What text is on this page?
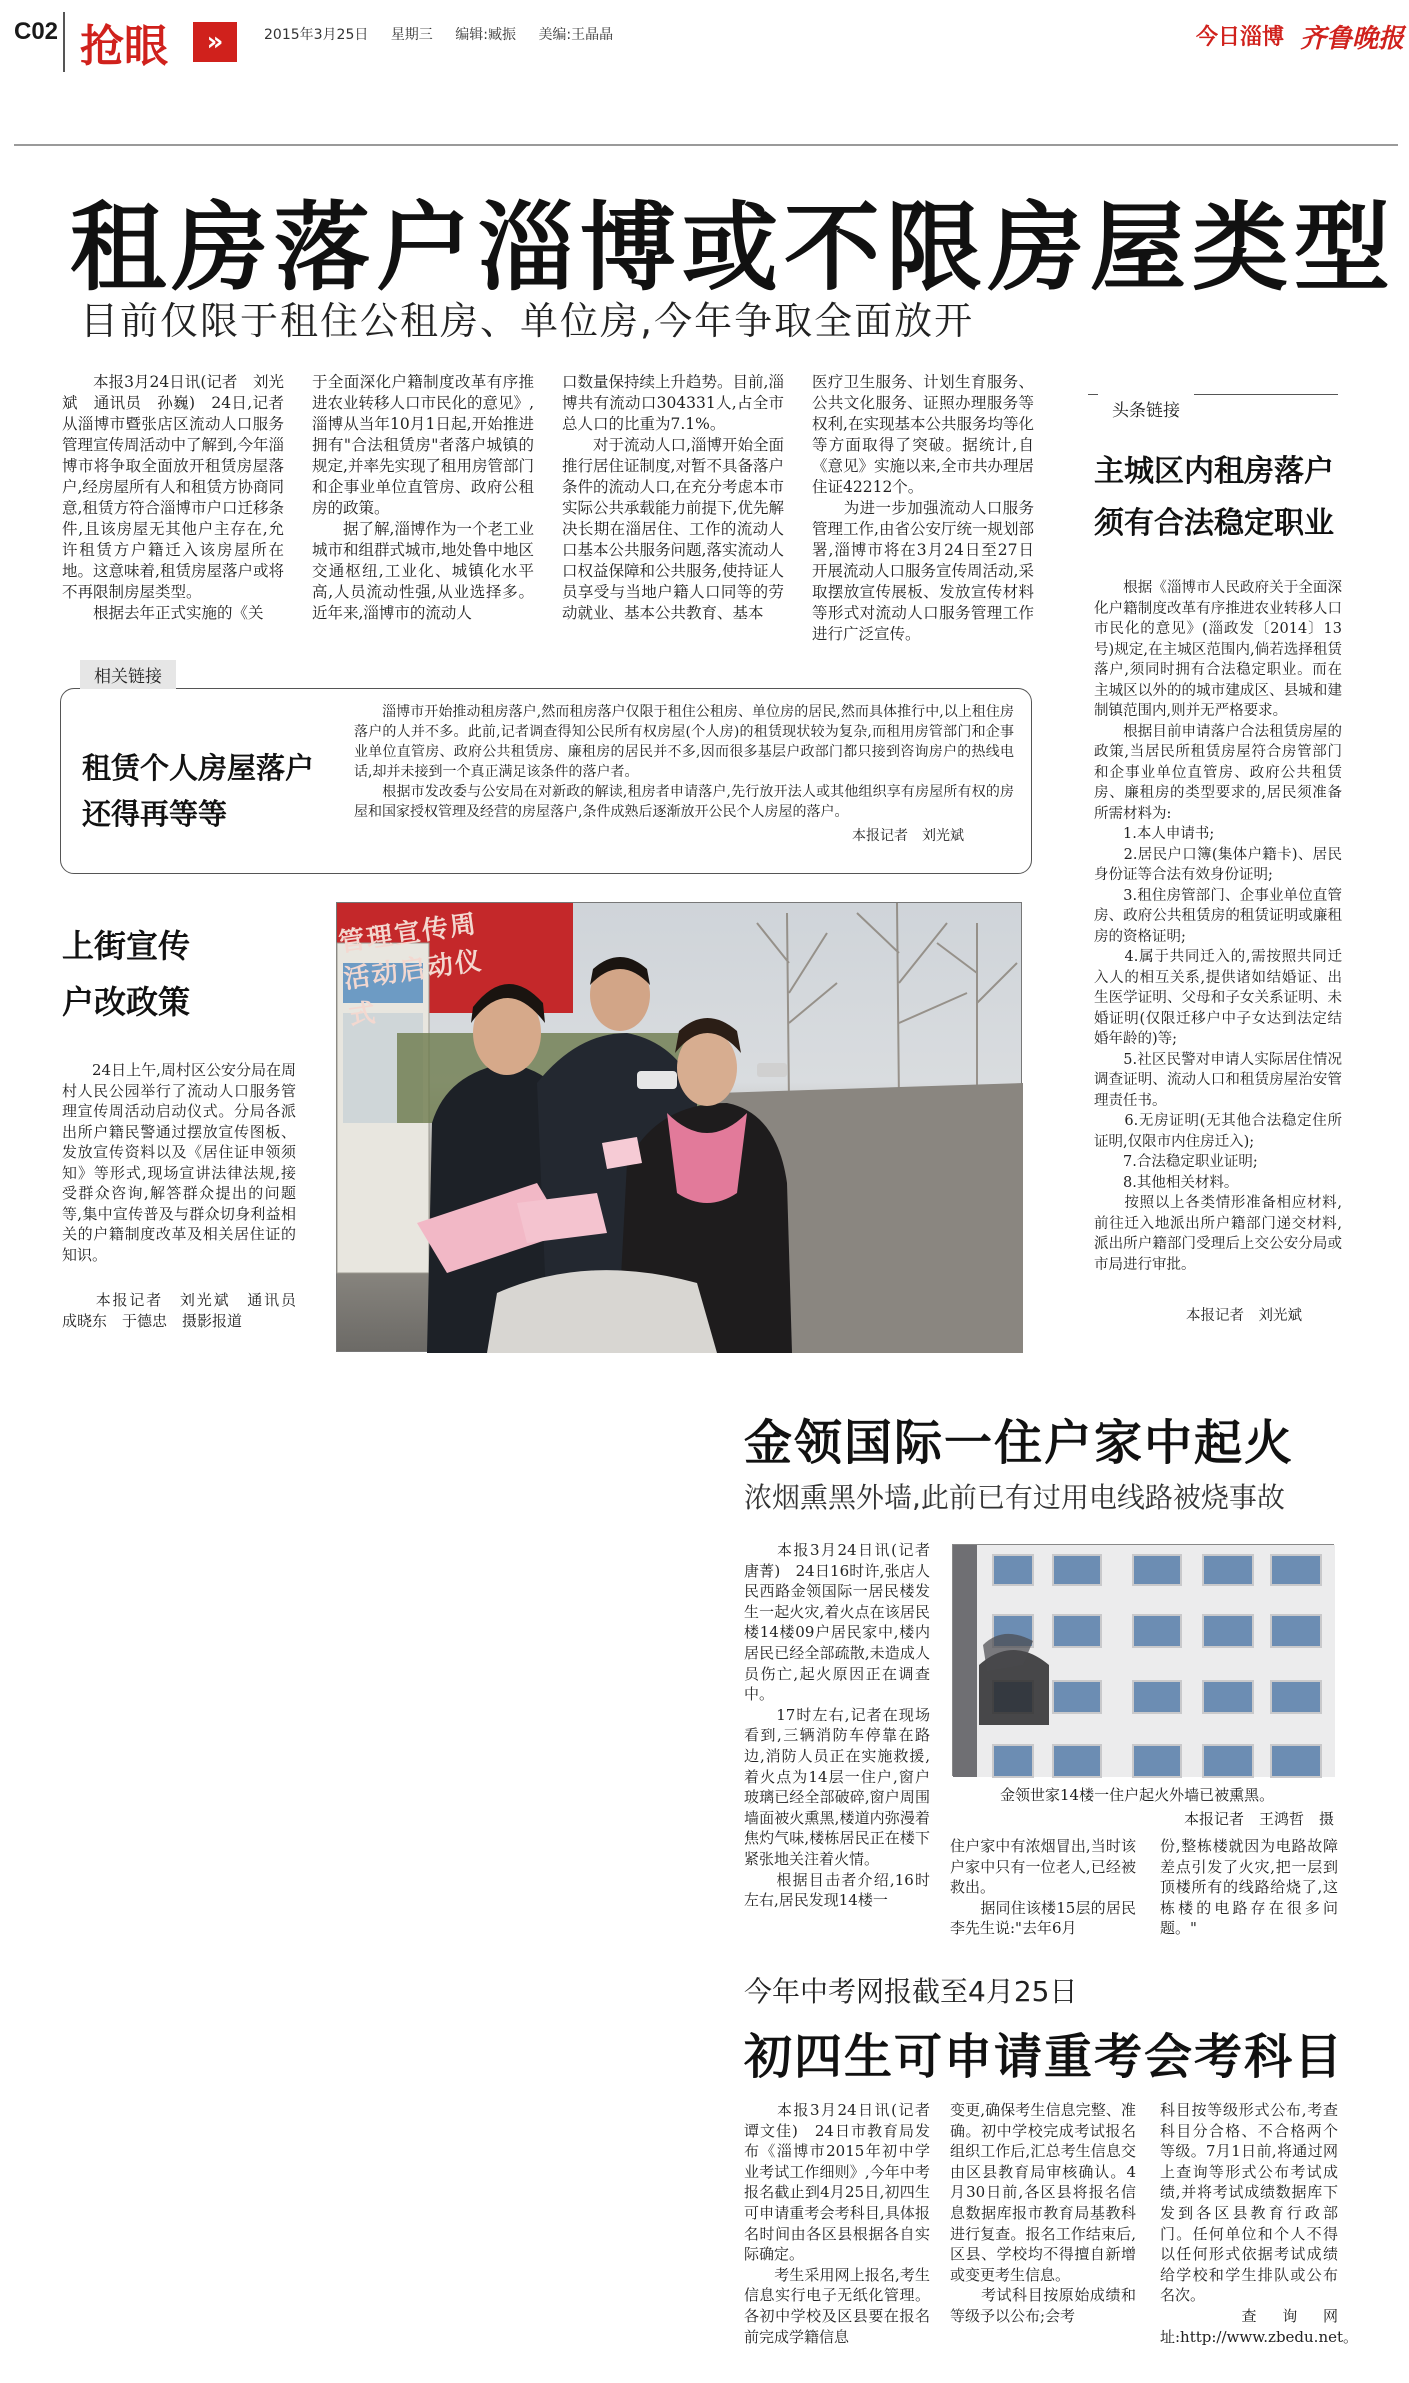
C02 抢眼	»	2015年3月25日 星期三 编辑:臧振 美编:王晶晶	今日淄博 齐鲁晚报
租房落户淄博或不限房屋类型
目前仅限于租住公租房、单位房,今年争取全面放开
　　本报3月24日讯(记者　刘光斌　通讯员　孙巍)　24日,记者从淄博市暨张店区流动人口服务管理宣传周活动中了解到,今年淄博市将争取全面放开租赁房屋落户,经房屋所有人和租赁方协商同意,租赁方符合淄博市户口迁移条件,且该房屋无其他户主存在,允许租赁方户籍迁入该房屋所在地。这意味着,租赁房屋落户或将不再限制房屋类型。
　　根据去年正式实施的《关
于全面深化户籍制度改革有序推进农业转移人口市民化的意见》,淄博从当年10月1日起,开始推进拥有"合法租赁房"者落户城镇的规定,并率先实现了租用房管部门和企事业单位直管房、政府公租房的政策。
　　据了解,淄博作为一个老工业城市和组群式城市,地处鲁中地区交通枢纽,工业化、城镇化水平高,人员流动性强,从业选择多。近年来,淄博市的流动人
口数量保持续上升趋势。目前,淄博共有流动口304331人,占全市总人口的比重为7.1%。
　　对于流动人口,淄博开始全面推行居住证制度,对暂不具备落户条件的流动人口,在充分考虑本市实际公共承载能力前提下,优先解决长期在淄居住、工作的流动人口基本公共服务问题,落实流动人口权益保障和公共服务,使持证人员享受与当地户籍人口同等的劳动就业、基本公共教育、基本
医疗卫生服务、计划生育服务、公共文化服务、证照办理服务等权利,在实现基本公共服务均等化等方面取得了突破。据统计,自《意见》实施以来,全市共办理居住证42212个。
　　为进一步加强流动人口服务管理工作,由省公安厅统一规划部署,淄博市将在3月24日至27日开展流动人口服务宣传周活动,采取摆放宣传展板、发放宣传材料等形式对流动人口服务管理工作进行广泛宣传。
相关链接
租赁个人房屋落户还得再等等
　　淄博市开始推动租房落户,然而租房落户仅限于租住公租房、单位房的居民,然而具体推行中,以上租住房落户的人并不多。此前,记者调查得知公民所有权房屋(个人房)的租赁现状较为复杂,而租用房管部门和企事业单位直管房、政府公共租赁房、廉租房的居民并不多,因而很多基层户政部门都只接到咨询房户的热线电话,却并未接到一个真正满足该条件的落户者。
　　根据市发改委与公安局在对新政的解读,租房者申请落户,先行放开法人或其他组织享有房屋所有权的房屋和国家授权管理及经营的房屋落户,条件成熟后逐渐放开公民个人房屋的落户。
本报记者　刘光斌
头条链接
主城区内租房落户
须有合法稳定职业
　　根据《淄博市人民政府关于全面深化户籍制度改革有序推进农业转移人口市民化的意见》(淄政发〔2014〕13号)规定,在主城区范围内,倘若选择租赁落户,须同时拥有合法稳定职业。而在主城区以外的的城市建成区、县城和建制镇范围内,则并无严格要求。
　　根据目前申请落户合法租赁房屋的政策,当居民所租赁房屋符合房管部门和企事业单位直管房、政府公共租赁房、廉租房的类型要求的,居民须准备所需材料为:
　　1.本人申请书;
　　2.居民户口簿(集体户籍卡)、居民身份证等合法有效身份证明;
　　3.租住房管部门、企事业单位直管房、政府公共租赁房的租赁证明或廉租房的资格证明;
　　4.属于共同迁入的,需按照共同迁入人的相互关系,提供诸如结婚证、出生医学证明、父母和子女关系证明、未婚证明(仅限迁移户中子女达到法定结婚年龄的)等;
　　5.社区民警对申请人实际居住情况调查证明、流动人口和租赁房屋治安管理责任书。
　　6.无房证明(无其他合法稳定住所证明,仅限市内住房迁入);
　　7.合法稳定职业证明;
　　8.其他相关材料。
　　按照以上各类情形准备相应材料,前往迁入地派出所户籍部门递交材料,派出所户籍部门受理后上交公安分局或市局进行审批。
本报记者　刘光斌
上街宣传
户改政策
　　24日上午,周村区公安分局在周村人民公园举行了流动人口服务管理宣传周活动启动仪式。分局各派出所户籍民警通过摆放宣传图板、发放宣传资料以及《居住证申领须知》等形式,现场宣讲法律法规,接受群众咨询,解答群众提出的问题等,集中宣传普及与群众切身利益相关的户籍制度改革及相关居住证的知识。
　　本报记者　刘光斌　通讯员　成晓东　于德忠　摄影报道
管理宣传周活动启动仪式
金领国际一住户家中起火
浓烟熏黑外墙,此前已有过用电线路被烧事故
　　本报3月24日讯(记者　唐菁)　24日16时许,张店人民西路金领国际一居民楼发生一起火灾,着火点在该居民楼14楼09户居民家中,楼内居民已经全部疏散,未造成人员伤亡,起火原因正在调查中。
　　17时左右,记者在现场看到,三辆消防车停靠在路边,消防人员正在实施救援,着火点为14层一住户,窗户玻璃已经全部破碎,窗户周围墙面被火熏黑,楼道内弥漫着焦灼气味,楼栋居民正在楼下紧张地关注着火情。
　　根据目击者介绍,16时左右,居民发现14楼一
金领世家14楼一住户起火外墙已被熏黑。
本报记者　王鸿哲　摄
住户家中有浓烟冒出,当时该户家中只有一位老人,已经被救出。
　　据同住该楼15层的居民李先生说:"去年6月
份,整栋楼就因为电路故障差点引发了火灾,把一层到顶楼所有的线路给烧了,这栋楼的电路存在很多问题。"
今年中考网报截至4月25日
初四生可申请重考会考科目
　　本报3月24日讯(记者　谭文佳)　24日市教育局发布《淄博市2015年初中学业考试工作细则》,今年中考报名截止到4月25日,初四生可申请重考会考科目,具体报名时间由各区县根据各自实际确定。
　　考生采用网上报名,考生信息实行电子无纸化管理。各初中学校及区县要在报名前完成学籍信息
变更,确保考生信息完整、准确。初中学校完成考试报名组织工作后,汇总考生信息交由区县教育局审核确认。4月30日前,各区县将报名信息数据库报市教育局基教科进行复查。报名工作结束后,区县、学校均不得擅自新增或变更考生信息。
　　考试科目按原始成绩和等级予以公布;会考
科目按等级形式公布,考查科目分合格、不合格两个等级。7月1日前,将通过网上查询等形式公布考试成绩,并将考试成绩数据库下发到各区县教育行政部门。任何单位和个人不得以任何形式依据考试成绩给学校和学生排队或公布名次。
　　查询网址:http://www.zbedu.net。
